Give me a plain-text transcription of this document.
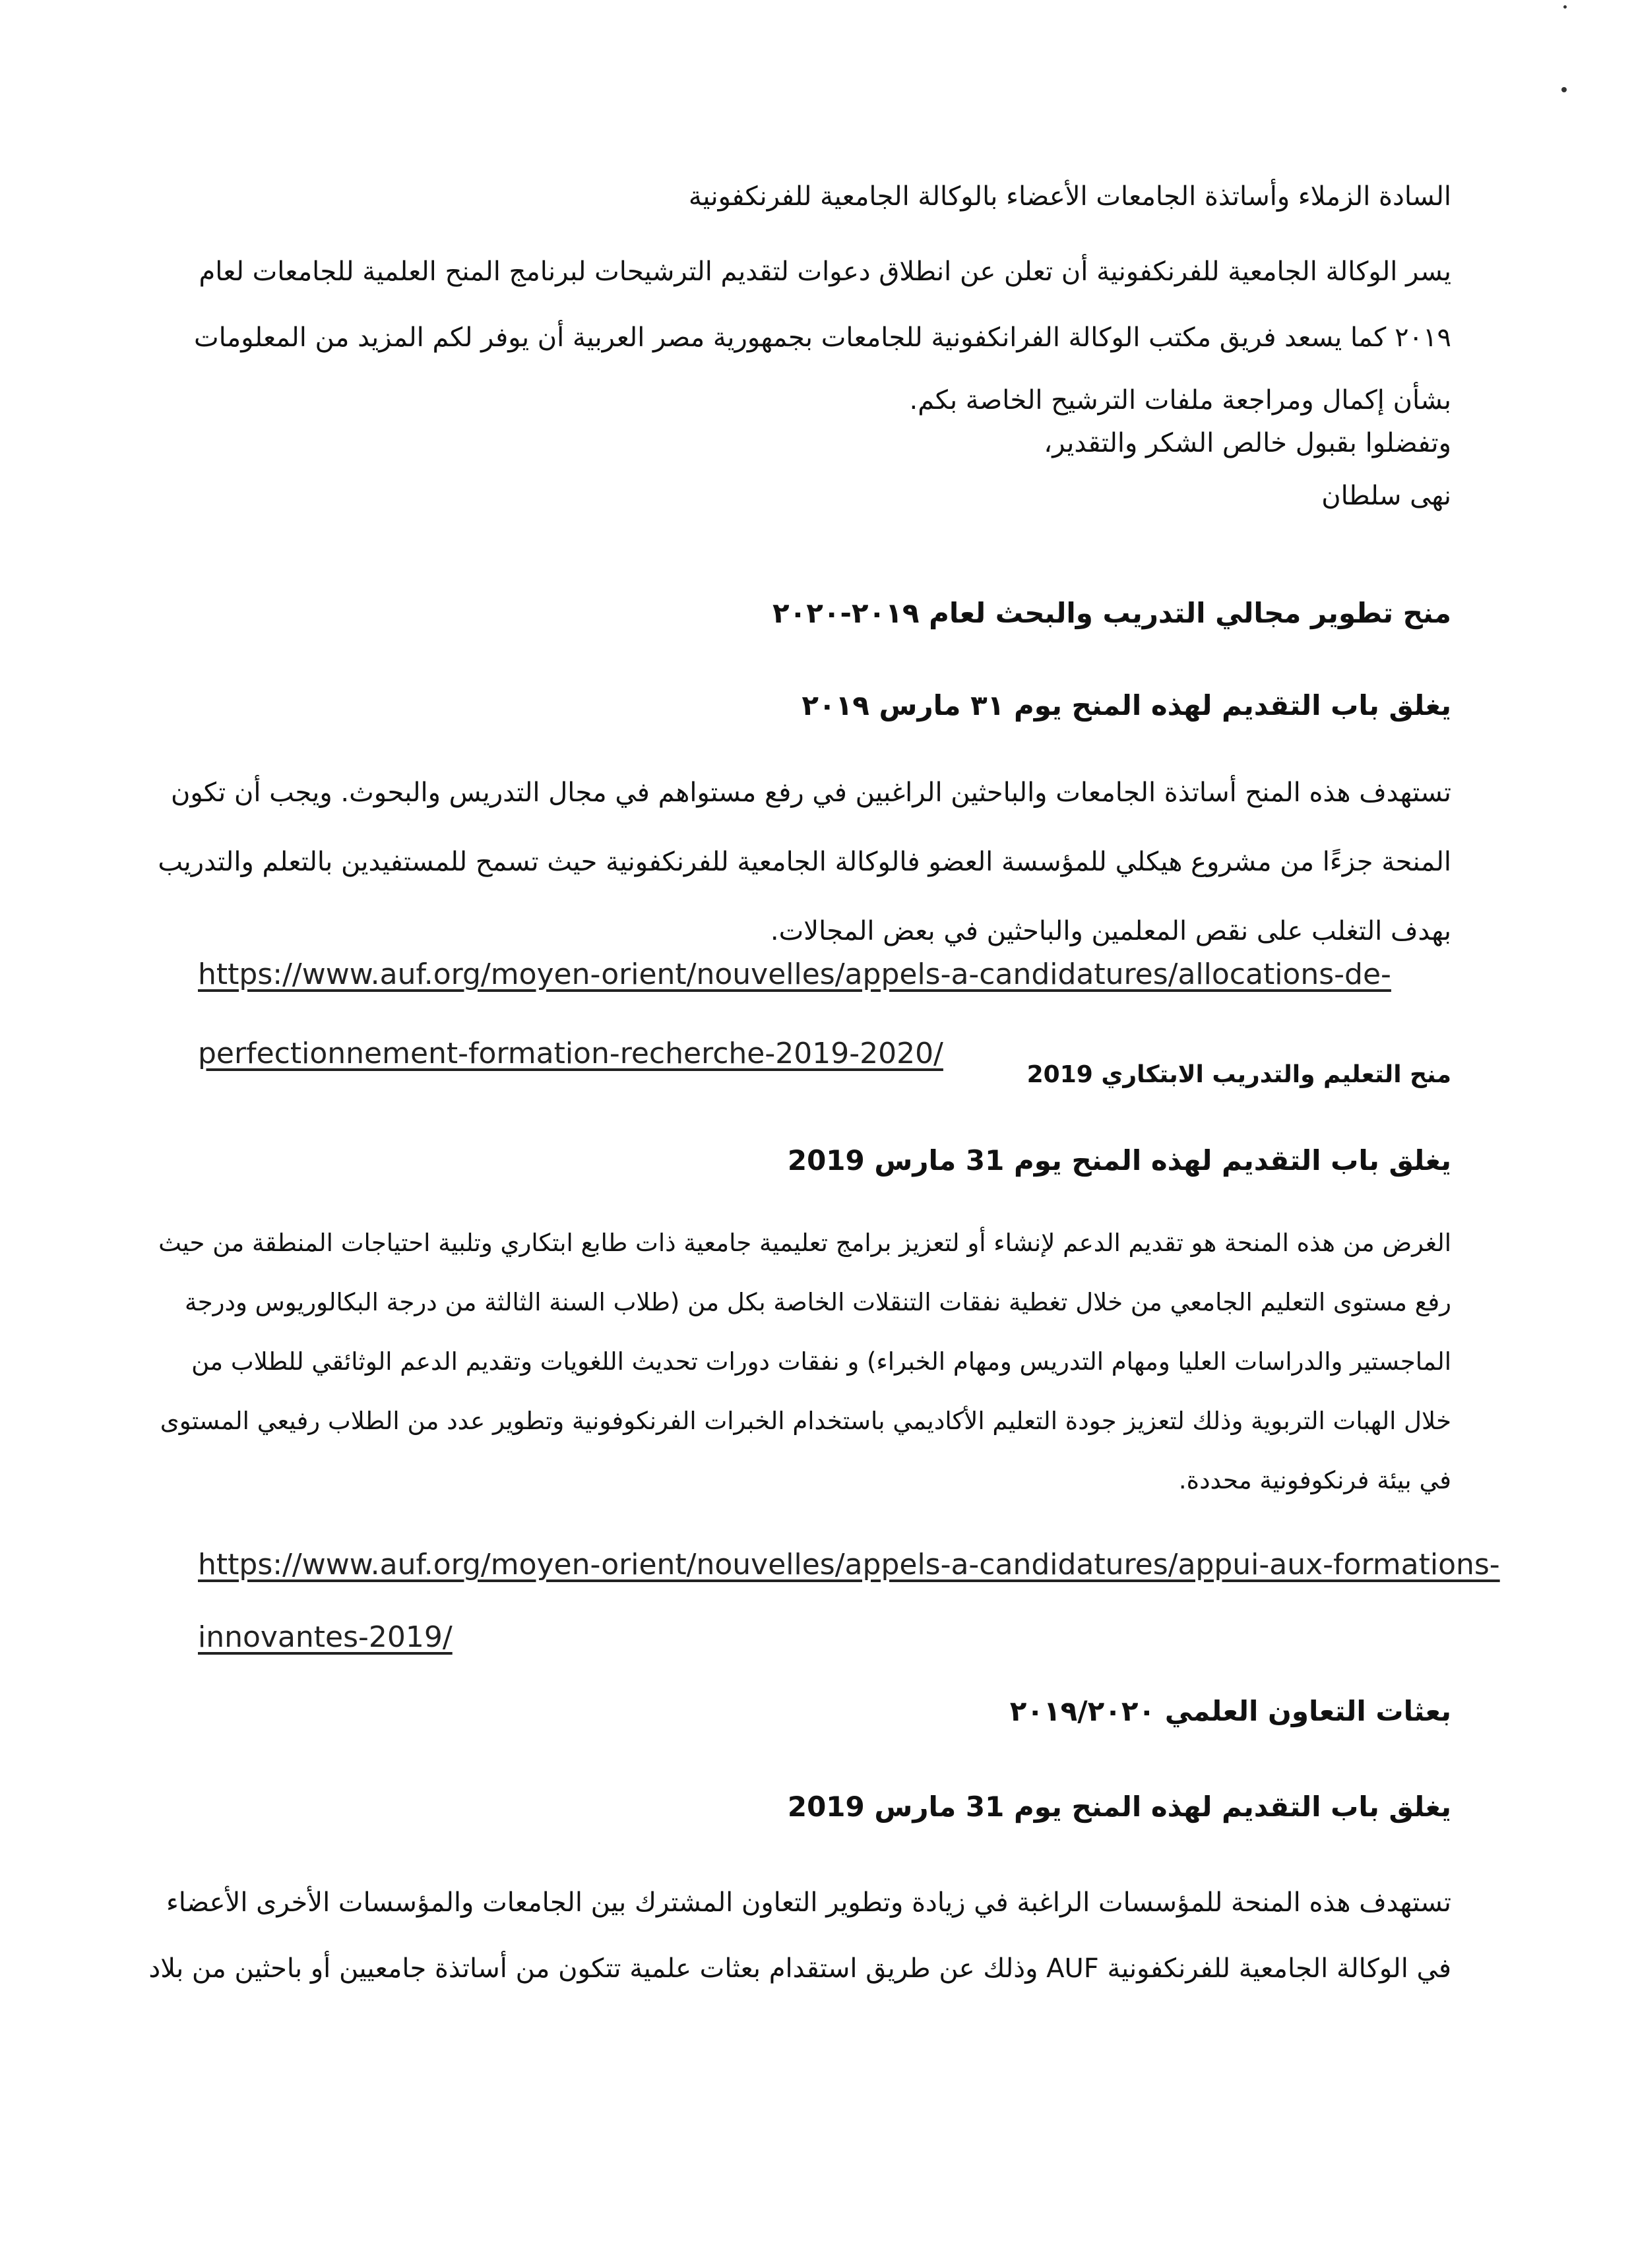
السادة الزملاء وأساتذة الجامعات الأعضاء بالوكالة الجامعية للفرنكفونية

يسر الوكالة الجامعية للفرنكفونية أن تعلن عن انطلاق دعوات لتقديم الترشيحات لبرنامج المنح العلمية للجامعات لعام
٢٠١٩ كما يسعد فريق مكتب الوكالة الفرانكفونية للجامعات بجمهورية مصر العربية أن يوفر لكم المزيد من المعلومات
بشأن إكمال ومراجعة ملفات الترشيح الخاصة بكم.

وتفضلوا بقبول خالص الشكر والتقدير،
نهى سلطان

منح تطوير مجالي التدريب والبحث لعام ٢٠١٩-٢٠٢٠
يغلق باب التقديم لهذه المنح يوم ٣١ مارس ٢٠١٩

تستهدف هذه المنح أساتذة الجامعات والباحثين الراغبين في رفع مستواهم في مجال التدريس والبحوث. ويجب أن تكون
المنحة جزءًا من مشروع هيكلي للمؤسسة العضو فالوكالة الجامعية للفرنكفونية حيث تسمح للمستفيدين بالتعلم والتدريب
بهدف التغلب على نقص المعلمين والباحثين في بعض المجالات.

https://www.auf.org/moyen-orient/nouvelles/appels-a-candidatures/allocations-de-
perfectionnement-formation-recherche-2019-2020/
منح التعليم والتدريب الابتكاري 2019
يغلق باب التقديم لهذه المنح يوم 31 مارس 2019

الغرض من هذه المنحة هو تقديم الدعم لإنشاء أو لتعزيز برامج تعليمية جامعية ذات طابع ابتكاري وتلبية احتياجات المنطقة من حيث
رفع مستوى التعليم الجامعي من خلال تغطية نفقات التنقلات الخاصة بكل من (طلاب السنة الثالثة من درجة البكالوريوس ودرجة
الماجستير والدراسات العليا ومهام التدريس ومهام الخبراء) و نفقات دورات تحديث اللغويات وتقديم الدعم الوثائقي للطلاب من
خلال الهبات التربوية وذلك لتعزيز جودة التعليم الأكاديمي باستخدام الخبرات الفرنكوفونية وتطوير عدد من الطلاب رفيعي المستوى
في بيئة فرنكوفونية محددة.

https://www.auf.org/moyen-orient/nouvelles/appels-a-candidatures/appui-aux-formations-
innovantes-2019/
بعثات التعاون العلمي ٢٠١٩/٢٠٢٠
يغلق باب التقديم لهذه المنح يوم 31 مارس 2019

تستهدف هذه المنحة للمؤسسات الراغبة في زيادة وتطوير التعاون المشترك بين الجامعات والمؤسسات الأخرى الأعضاء
في الوكالة الجامعية للفرنكفونية AUF وذلك عن طريق استقدام بعثات علمية تتكون من أساتذة جامعيين أو باحثين من بلاد
